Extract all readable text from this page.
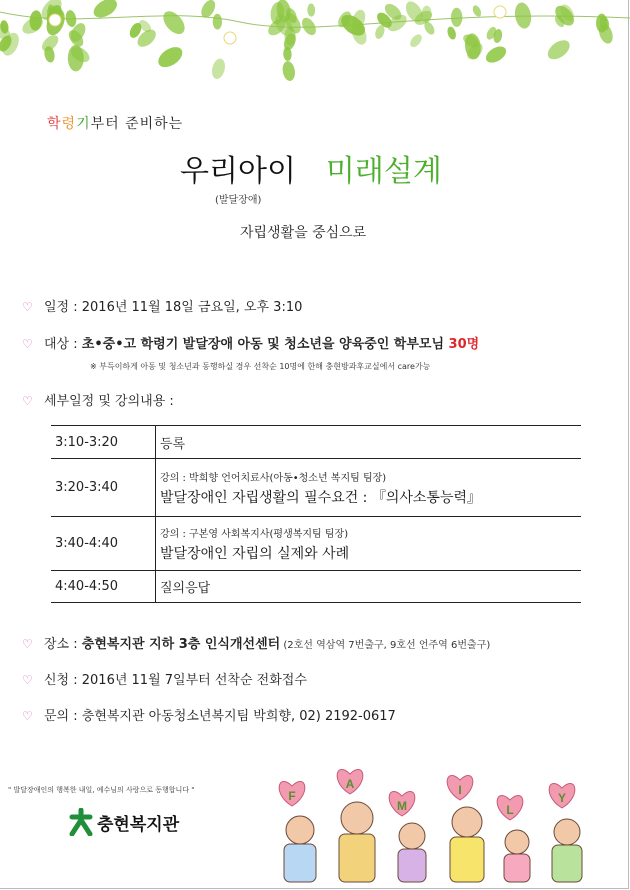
학령기부터 준비하는
우리아이 미래설계
(발달장애)
자립생활을 중심으로
♡ 일정 : 2016년 11월 18일 금요일, 오후 3:10
♡ 대상 : 초•중•고 학령기 발달장애 아동 및 청소년을 양육중인 학부모님 30명
※ 부득이하게 아동 및 청소년과 동행하실 경우 선착순 10명에 한해 충현방과후교실에서 care가능
♡ 세부일정 및 강의내용 :
3:10-3:20	등록

3:20-3:40	강의 : 박희향 언어치료사(아동•청소년 복지팀 팀장)
발달장애인 자립생활의 필수요건 : 『의사소통능력』

3:40-4:40	강의 : 구본영 사회복지사(평생복지팀 팀장)
발달장애인 자립의 실제와 사례

4:40-4:50	질의응답
♡ 장소 : 충현복지관 지하 3층 인식개선센터 (2호선 역삼역 7번출구, 9호선 언주역 6번출구)
♡ 신청 : 2016년 11월 7일부터 선착순 전화접수
♡ 문의 : 충현복지관 아동청소년복지팀 박희향, 02) 2192-0617
" 발달장애인의 행복한 내일, 예수님의 사랑으로 동행합니다 "
충현복지관
F
A
M
I
L
Y
